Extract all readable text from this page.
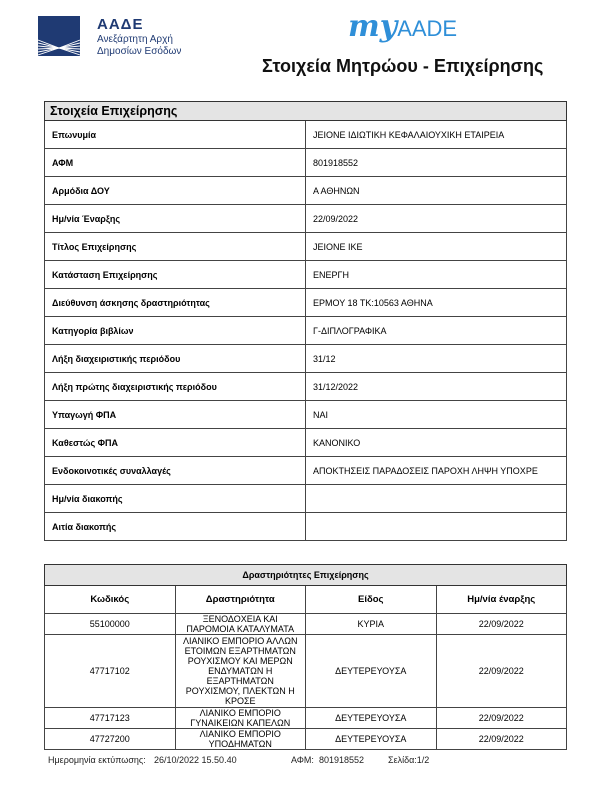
ΑΑΔΕ
Ανεξάρτητη Αρχή
Δημοσίων Εσόδων
myAADE
Στοιχεία Μητρώου - Επιχείρησης
Στοιχεία Επιχείρησης	
Επωνυμία	JEIONE ΙΔΙΩΤΙΚΗ ΚΕΦΑΛΑΙΟΥΧΙΚΗ ΕΤΑΙΡΕΙΑ
ΑΦΜ	801918552
Αρμόδια ΔΟΥ	Α ΑΘΗΝΩΝ
Ημ/νία Έναρξης	22/09/2022
Τίτλος Επιχείρησης	JEIONE IKE
Κατάσταση Επιχείρησης	ΕΝΕΡΓΗ
Διεύθυνση άσκησης δραστηριότητας	ΕΡΜΟΥ 18 ΤΚ:10563 ΑΘΗΝΑ
Κατηγορία βιβλίων	Γ-ΔΙΠΛΟΓΡΑΦΙΚΑ
Λήξη διαχειριστικής περιόδου	31/12
Λήξη πρώτης διαχειριστικής περιόδου	31/12/2022
Υπαγωγή ΦΠΑ	ΝΑΙ
Καθεστώς ΦΠΑ	ΚΑΝΟΝΙΚΟ
Ενδοκοινοτικές συναλλαγές	ΑΠΟΚΤΗΣΕΙΣ ΠΑΡΑΔΟΣΕΙΣ ΠΑΡΟΧΗ ΛΗΨΗ ΥΠΟΧΡΕ
Ημ/νία διακοπής	
Αιτία διακοπής	
Δραστηριότητες Επιχείρησης			
Κωδικός	Δραστηριότητα	Είδος	Ημ/νία έναρξης
55100000	ΞΕΝΟΔΟΧΕΙΑ ΚΑΙ ΠΑΡΟΜΟΙΑ ΚΑΤΑΛΥΜΑΤΑ	ΚΥΡΙΑ	22/09/2022
47717102	ΛΙΑΝΙΚΟ ΕΜΠΟΡΙΟ ΑΛΛΩΝ ΕΤΟΙΜΩΝ ΕΞΑΡΤΗΜΑΤΩΝ ΡΟΥΧΙΣΜΟΥ ΚΑΙ ΜΕΡΩΝ ΕΝΔΥΜΑΤΩΝ Η ΕΞΑΡΤΗΜΑΤΩΝ ΡΟΥΧΙΣΜΟΥ, ΠΛΕΚΤΩΝ Η ΚΡΟΣΕ	ΔΕΥΤΕΡΕΥΟΥΣΑ	22/09/2022
47717123	ΛΙΑΝΙΚΟ ΕΜΠΟΡΙΟ ΓΥΝΑΙΚΕΙΩΝ ΚΑΠΕΛΩΝ	ΔΕΥΤΕΡΕΥΟΥΣΑ	22/09/2022
47727200	ΛΙΑΝΙΚΟ ΕΜΠΟΡΙΟ ΥΠΟΔΗΜΑΤΩΝ	ΔΕΥΤΕΡΕΥΟΥΣΑ	22/09/2022
Ημερομηνία εκτύπωσης: 26/10/2022 15.50.40	ΑΦΜ: 801918552	Σελίδα:1/2
